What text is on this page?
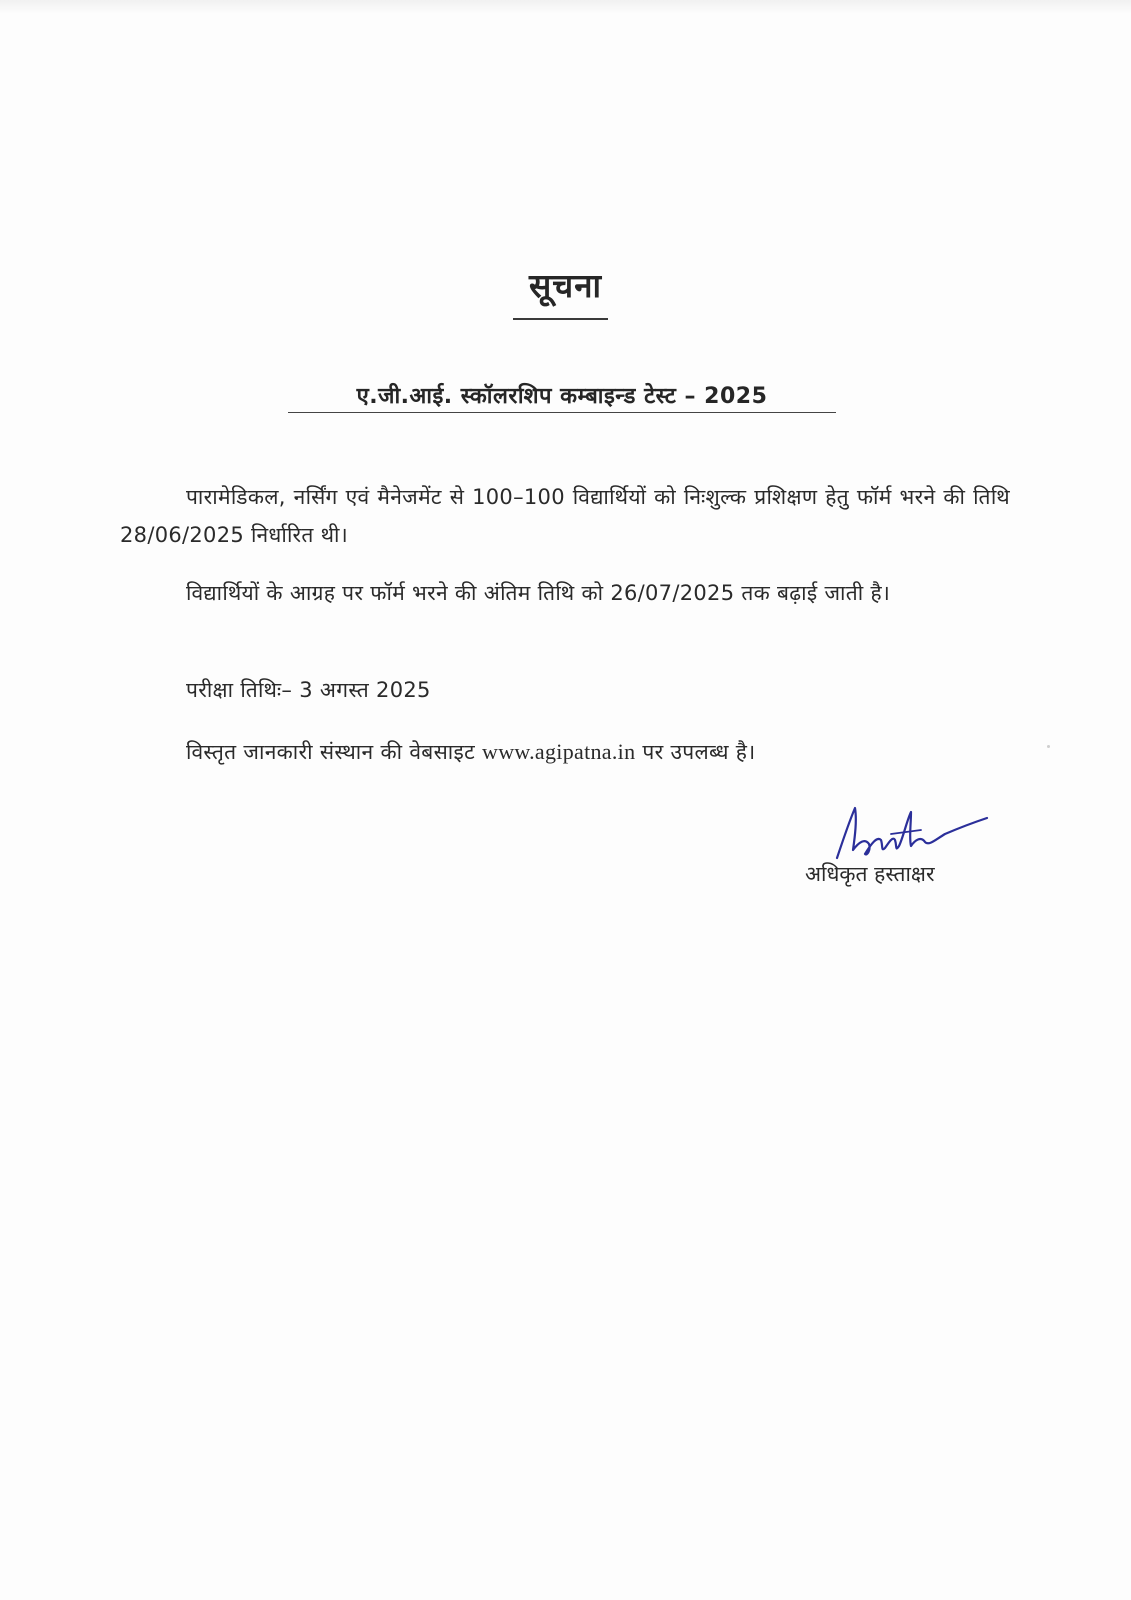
सूचना
ए.जी.आई. स्कॉलरशिप कम्बाइन्ड टेस्ट – 2025
पारामेडिकल, नर्सिंग एवं मैनेजमेंट से 100–100 विद्यार्थियों को निःशुल्क प्रशिक्षण हेतु फॉर्म भरने की तिथि 28/06/2025 निर्धारित थी।
विद्यार्थियों के आग्रह पर फॉर्म भरने की अंतिम तिथि को 26/07/2025 तक बढ़ाई जाती है।
परीक्षा तिथिः– 3 अगस्त 2025
विस्तृत जानकारी संस्थान की वेबसाइट www.agipatna.in पर उपलब्ध है।
अधिकृत हस्ताक्षर
